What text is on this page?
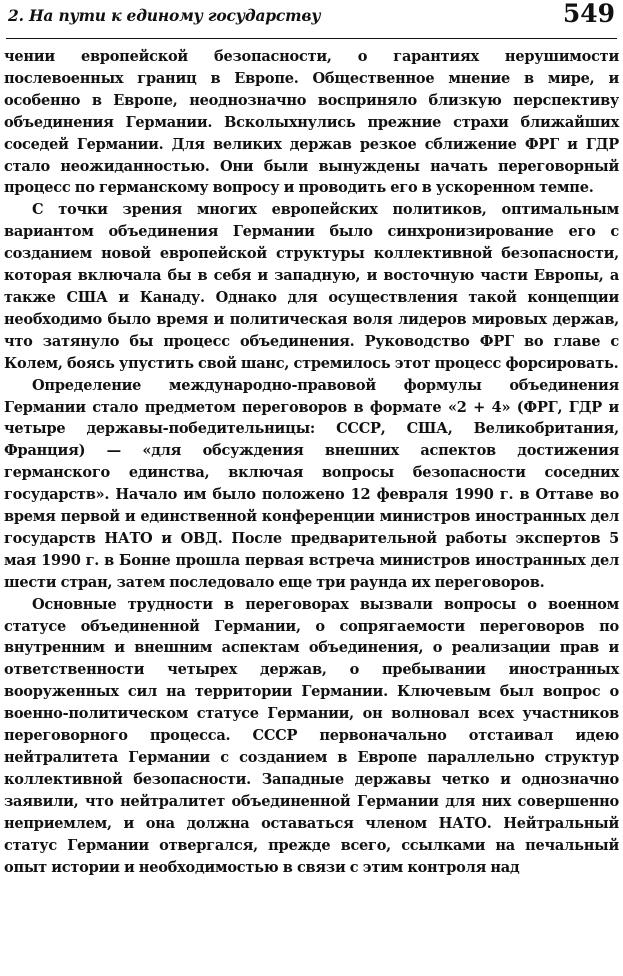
2. На пути к единому государству	549

чении европейской безопасности, о гарантиях нерушимости послевоенных границ в Европе. Общественное мнение в мире, и особенно в Европе, неоднозначно восприняло близкую перспективу объединения Германии. Всколыхнулись прежние страхи ближайших соседей Германии. Для великих держав резкое сближение ФРГ и ГДР стало неожиданностью. Они были вынуждены начать переговорный процесс по германскому вопросу и проводить его в ускоренном темпе.

С точки зрения многих европейских политиков, оптимальным вариантом объединения Германии было синхронизирование его с созданием новой европейской структуры коллективной безопасности, которая включала бы в себя и западную, и восточную части Европы, а также США и Канаду. Однако для осуществления такой концепции необходимо было время и политическая воля лидеров мировых держав, что затянуло бы процесс объединения. Руководство ФРГ во главе с Колем, боясь упустить свой шанс, стремилось этот процесс форсировать.

Определение международно-правовой формулы объединения Германии стало предметом переговоров в формате «2 + 4» (ФРГ, ГДР и четыре державы-победительницы: СССР, США, Великобритания, Франция) — «для обсуждения внешних аспектов достижения германского единства, включая вопросы безопасности соседних государств». Начало им было положено 12 февраля 1990 г. в Оттаве во время первой и единственной конференции министров иностранных дел государств НАТО и ОВД. После предварительной работы экспертов 5 мая 1990 г. в Бонне прошла первая встреча министров иностранных дел шести стран, затем последовало еще три раунда их переговоров.

Основные трудности в переговорах вызвали вопросы о военном статусе объединенной Германии, о сопрягаемости переговоров по внутренним и внешним аспектам объединения, о реализации прав и ответственности четырех держав, о пребывании иностранных вооруженных сил на территории Германии. Ключевым был вопрос о военно-политическом статусе Германии, он волновал всех участников переговорного процесса. СССР первоначально отстаивал идею нейтралитета Германии с созданием в Европе параллельно структур коллективной безопасности. Западные державы четко и однозначно заявили, что нейтралитет объединенной Германии для них совершенно неприемлем, и она должна оставаться членом НАТО. Нейтральный статус Германии отвергался, прежде всего, ссылками на печальный опыт истории и необходимостью в связи с этим контроля над
